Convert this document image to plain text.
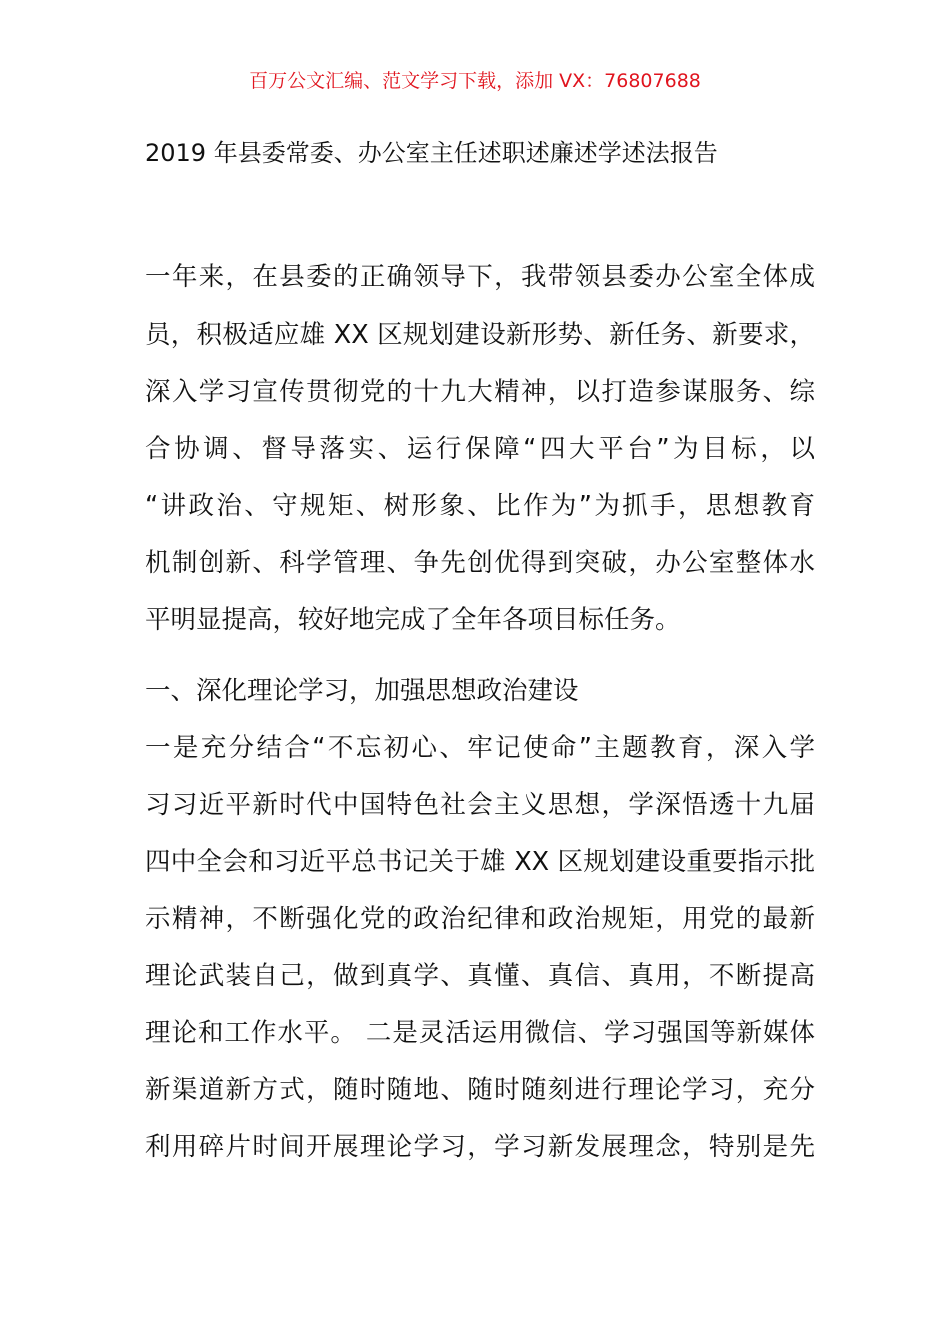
百万公文汇编、范文学习下载，添加 VX：76807688
2019 年县委常委、办公室主任述职述廉述学述法报告
一年来，在县委的正确领导下，我带领县委办公室全体成
员，积极适应雄 XX 区规划建设新形势、新任务、新要求，
深入学习宣传贯彻党的十九大精神，以打造参谋服务、综
合协调、督导落实、运行保障“四大平台”为目标，以
“讲政治、守规矩、树形象、比作为”为抓手，思想教育
机制创新、科学管理、争先创优得到突破，办公室整体水
平明显提高，较好地完成了全年各项目标任务。
一、深化理论学习，加强思想政治建设
一是充分结合“不忘初心、牢记使命”主题教育，深入学
习习近平新时代中国特色社会主义思想，学深悟透十九届
四中全会和习近平总书记关于雄 XX 区规划建设重要指示批
示精神，不断强化党的政治纪律和政治规矩，用党的最新
理论武装自己，做到真学、真懂、真信、真用，不断提高
理论和工作水平。 二是灵活运用微信、学习强国等新媒体
新渠道新方式，随时随地、随时随刻进行理论学习，充分
利用碎片时间开展理论学习，学习新发展理念，特别是先
